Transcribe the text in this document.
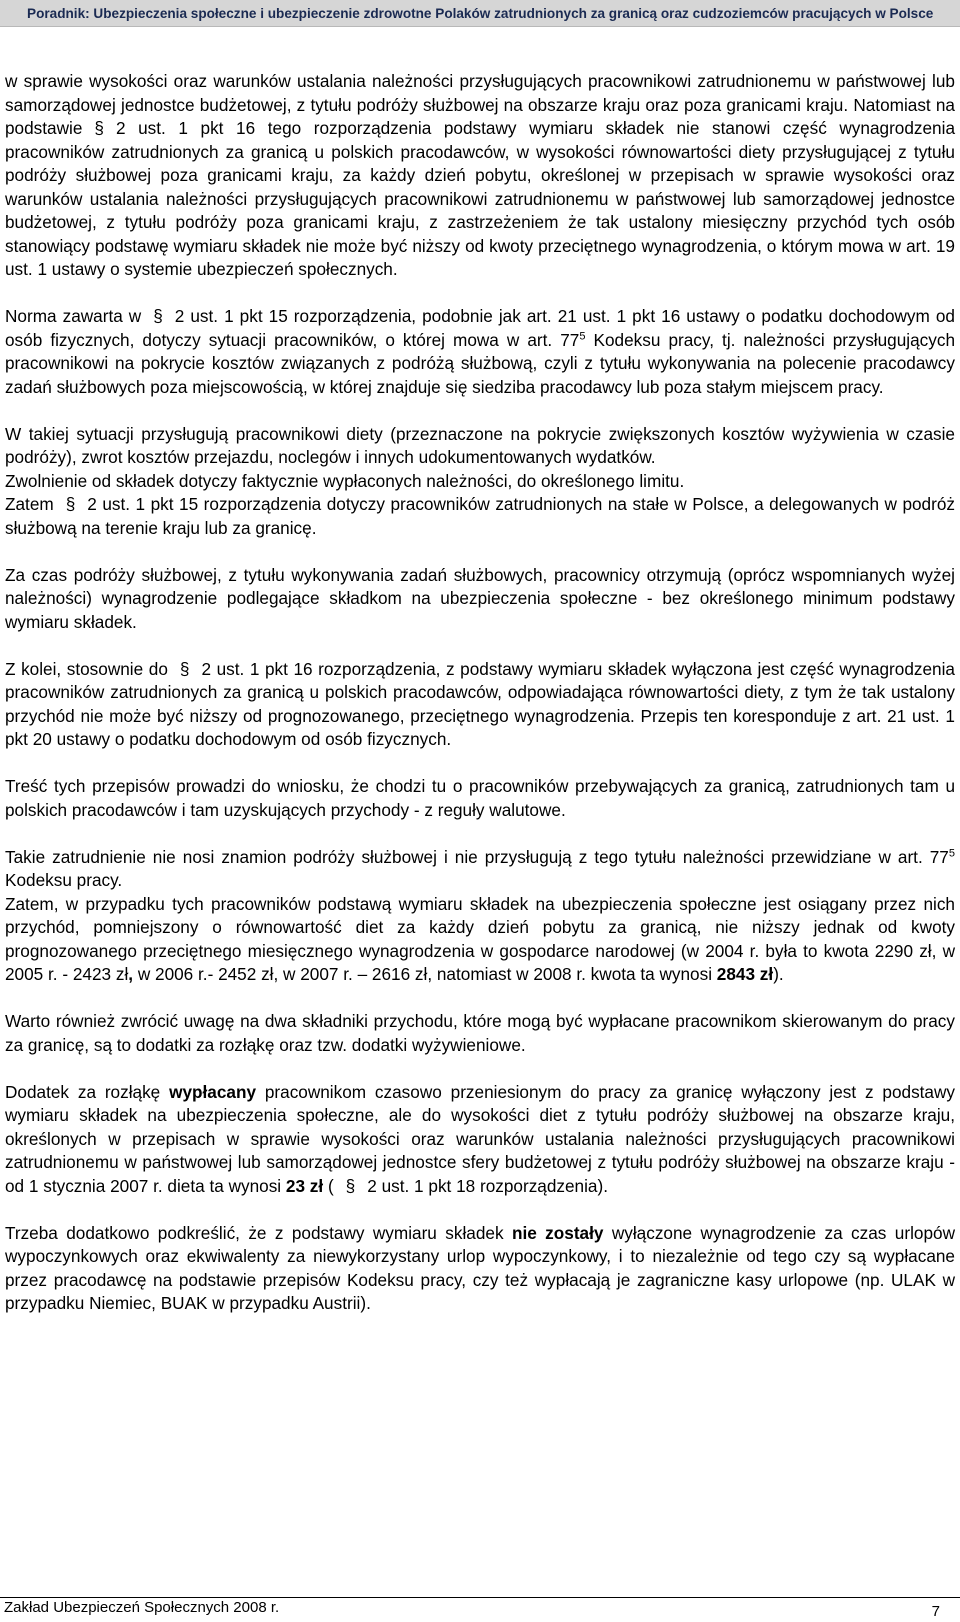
Poradnik: Ubezpieczenia społeczne i ubezpieczenie zdrowotne Polaków zatrudnionych za granicą oraz cudzoziemców pracujących w Polsce

w sprawie wysokości oraz warunków ustalania należności przysługujących pracownikowi zatrudnionemu w państwowej lub samorządowej jednostce budżetowej, z tytułu podróży służbowej na obszarze kraju oraz poza granicami kraju. Natomiast na podstawie § 2 ust. 1 pkt 16 tego rozporządzenia podstawy wymiaru składek nie stanowi część wynagrodzenia pracowników zatrudnionych za granicą u polskich pracodawców, w wysokości równowartości diety przysługującej z tytułu podróży służbowej poza granicami kraju, za każdy dzień pobytu, określonej w przepisach w sprawie wysokości oraz warunków ustalania należności przysługujących pracownikowi zatrudnionemu w państwowej lub samorządowej jednostce budżetowej, z tytułu podróży poza granicami kraju, z zastrzeżeniem że tak ustalony miesięczny przychód tych osób stanowiący podstawę wymiaru składek nie może być niższy od kwoty przeciętnego wynagrodzenia, o którym mowa w art. 19 ust. 1 ustawy o systemie ubezpieczeń społecznych.

Norma zawarta w § 2 ust. 1 pkt 15 rozporządzenia, podobnie jak art. 21 ust. 1 pkt 16 ustawy o podatku dochodowym od osób fizycznych, dotyczy sytuacji pracowników, o której mowa w art. $77^5$ Kodeksu pracy, tj. należności przysługujących pracownikowi na pokrycie kosztów związanych z podróżą służbową, czyli z tytułu wykonywania na polecenie pracodawcy zadań służbowych poza miejscowością, w której znajduje się siedziba pracodawcy lub poza stałym miejscem pracy.

W takiej sytuacji przysługują pracownikowi diety (przeznaczone na pokrycie zwiększonych kosztów wyżywienia w czasie podróży), zwrot kosztów przejazdu, noclegów i innych udokumentowanych wydatków.

Zwolnienie od składek dotyczy faktycznie wypłaconych należności, do określonego limitu.

Zatem § 2 ust. 1 pkt 15 rozporządzenia dotyczy pracowników zatrudnionych na stałe w Polsce, a delegowanych w podróż służbową na terenie kraju lub za granicę.

Za czas podróży służbowej, z tytułu wykonywania zadań służbowych, pracownicy otrzymują (oprócz wspomnianych wyżej należności) wynagrodzenie podlegające składkom na ubezpieczenia społeczne - bez określonego minimum podstawy wymiaru składek.

Z kolei, stosownie do § 2 ust. 1 pkt 16 rozporządzenia, z podstawy wymiaru składek wyłączona jest część wynagrodzenia pracowników zatrudnionych za granicą u polskich pracodawców, odpowiadająca równowartości diety, z tym że tak ustalony przychód nie może być niższy od prognozowanego, przeciętnego wynagrodzenia. Przepis ten koresponduje z art. 21 ust. 1 pkt 20 ustawy o podatku dochodowym od osób fizycznych.

Treść tych przepisów prowadzi do wniosku, że chodzi tu o pracowników przebywających za granicą, zatrudnionych tam u polskich pracodawców i tam uzyskujących przychody - z reguły walutowe.

Takie zatrudnienie nie nosi znamion podróży służbowej i nie przysługują z tego tytułu należności przewidziane w art. $77^5$ Kodeksu pracy.

Zatem, w przypadku tych pracowników podstawą wymiaru składek na ubezpieczenia społeczne jest osiągany przez nich przychód, pomniejszony o równowartość diet za każdy dzień pobytu za granicą, nie niższy jednak od kwoty prognozowanego przeciętnego miesięcznego wynagrodzenia w gospodarce narodowej (w 2004 r. była to kwota 2290 zł, w 2005 r. - 2423 zł, w 2006 r.- 2452 zł, w 2007 r. – 2616 zł, natomiast w 2008 r. kwota ta wynosi 2843 zł).

Warto również zwrócić uwagę na dwa składniki przychodu, które mogą być wypłacane pracownikom skierowanym do pracy za granicę, są to dodatki za rozłąkę oraz tzw. dodatki wyżywieniowe.

Dodatek za rozłąkę wypłacany pracownikom czasowo przeniesionym do pracy za granicę wyłączony jest z podstawy wymiaru składek na ubezpieczenia społeczne, ale do wysokości diet z tytułu podróży służbowej na obszarze kraju, określonych w przepisach w sprawie wysokości oraz warunków ustalania należności przysługujących pracownikowi zatrudnionemu w państwowej lub samorządowej jednostce sfery budżetowej z tytułu podróży służbowej na obszarze kraju - od 1 stycznia 2007 r. dieta ta wynosi 23 zł ( § 2 ust. 1 pkt 18 rozporządzenia).

Trzeba dodatkowo podkreślić, że z podstawy wymiaru składek nie zostały wyłączone wynagrodzenie za czas urlopów wypoczynkowych oraz ekwiwalenty za niewykorzystany urlop wypoczynkowy, i to niezależnie od tego czy są wypłacane przez pracodawcę na podstawie przepisów Kodeksu pracy, czy też wypłacają je zagraniczne kasy urlopowe (np. ULAK w przypadku Niemiec, BUAK w przypadku Austrii).

Zakład Ubezpieczeń Społecznych 2008 r.	7
